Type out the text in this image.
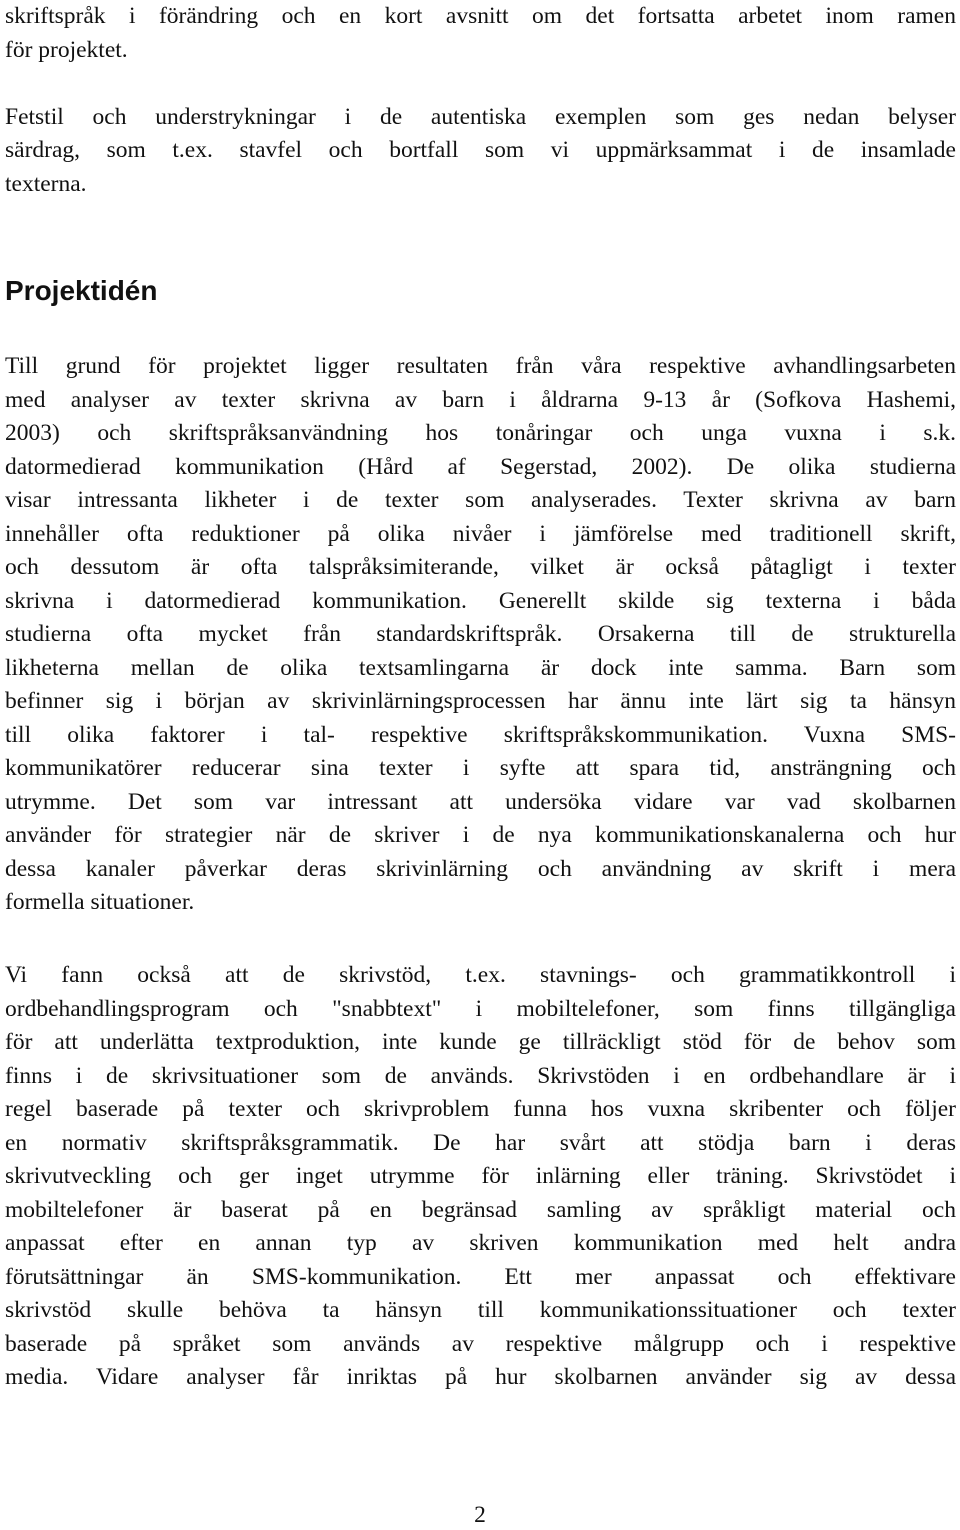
skriftspråk i förändring och en kort avsnitt om det fortsatta arbetet inom ramen

för projektet.

Fetstil och understrykningar i de autentiska exemplen som ges nedan belyser

särdrag, som t.ex. stavfel och bortfall som vi uppmärksammat i de insamlade

texterna.

Projektidén

Till grund för projektet ligger resultaten från våra respektive avhandlingsarbeten

med analyser av texter skrivna av barn i åldrarna 9-13 år (Sofkova Hashemi,

2003) och skriftspråksanvändning hos tonåringar och unga vuxna i s.k.

datormedierad kommunikation (Hård af Segerstad, 2002). De olika studierna

visar intressanta likheter i de texter som analyserades. Texter skrivna av barn

innehåller ofta reduktioner på olika nivåer i jämförelse med traditionell skrift,

och dessutom är ofta talspråksimiterande, vilket är också påtagligt i texter

skrivna i datormedierad kommunikation. Generellt skilde sig texterna i båda

studierna ofta mycket från standardskriftspråk. Orsakerna till de strukturella

likheterna mellan de olika textsamlingarna är dock inte samma. Barn som

befinner sig i början av skrivinlärningsprocessen har ännu inte lärt sig ta hänsyn

till olika faktorer i tal- respektive skriftspråkskommunikation. Vuxna SMS-

kommunikatörer reducerar sina texter i syfte att spara tid, ansträngning och

utrymme. Det som var intressant att undersöka vidare var vad skolbarnen

använder för strategier när de skriver i de nya kommunikationskanalerna och hur

dessa kanaler påverkar deras skrivinlärning och användning av skrift i mera

formella situationer.

Vi fann också att de skrivstöd, t.ex. stavnings- och grammatikkontroll i

ordbehandlingsprogram och "snabbtext" i mobiltelefoner, som finns tillgängliga

för att underlätta textproduktion, inte kunde ge tillräckligt stöd för de behov som

finns i de skrivsituationer som de används. Skrivstöden i en ordbehandlare är i

regel baserade på texter och skrivproblem funna hos vuxna skribenter och följer

en normativ skriftspråksgrammatik. De har svårt att stödja barn i deras

skrivutveckling och ger inget utrymme för inlärning eller träning. Skrivstödet i

mobiltelefoner är baserat på en begränsad samling av språkligt material och

anpassat efter en annan typ av skriven kommunikation med helt andra

förutsättningar än SMS-kommunikation. Ett mer anpassat och effektivare

skrivstöd skulle behöva ta hänsyn till kommunikationssituationer och texter

baserade på språket som används av respektive målgrupp och i respektive

media. Vidare analyser får inriktas på hur skolbarnen använder sig av dessa

2
